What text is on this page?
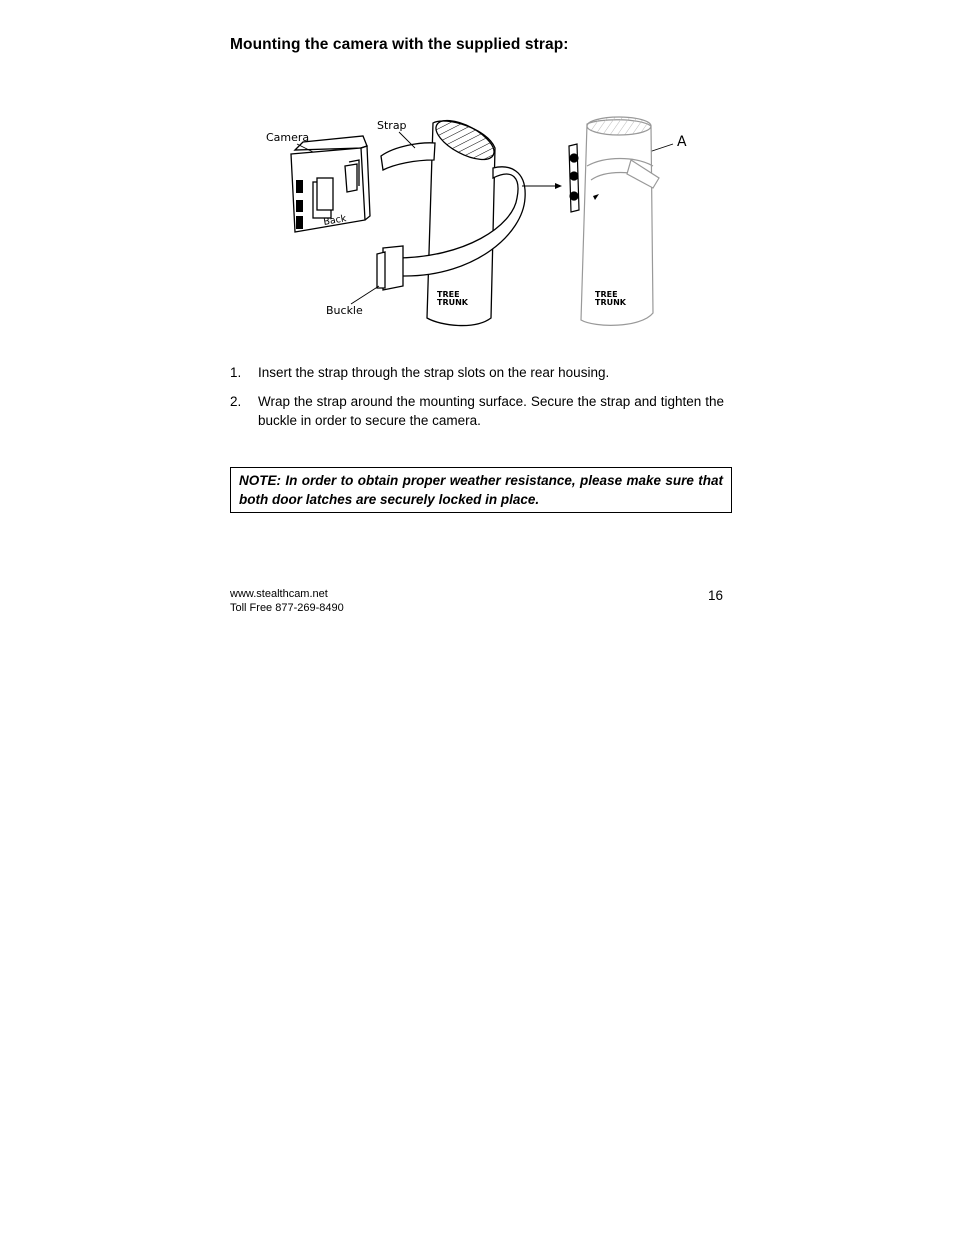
Mounting the camera with the supplied strap:
Camera
Strap
Back
Buckle
A
TREE
TRUNK
TREE
TRUNK
1.	Insert the strap through the strap slots on the rear housing.
2.	Wrap the strap around the mounting surface. Secure the strap and tighten the buckle in order to secure the camera.
NOTE: In order to obtain proper weather resistance, please make sure that both door latches are securely locked in place.
www.stealthcam.net
Toll Free 877-269-8490
16
